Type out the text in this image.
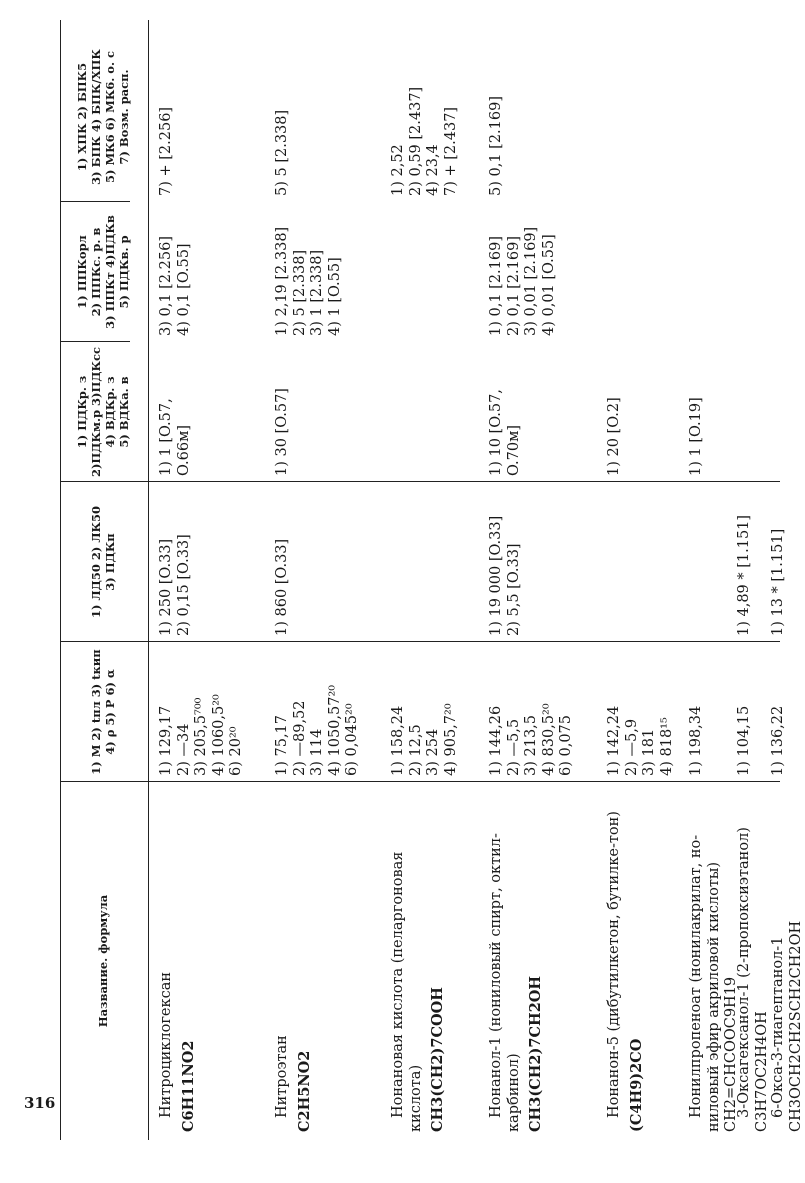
316
Название. формула
1) M 2) tпл 3) tкип 4) ρ 5) P 6) α
1) ЛД50 2) ЛК50 3) ПДКп
1) ПДКр. з 2)ПДКм.р 3)ПДКсс 4) ВДКр. з 5) ВДКа. в
1) ППКорл 2) ППКс. р. в 3) ППКт 4)ПДКв 5) ПДКв. р
1) ХПК 2) БПК5 3) БПК 4) БПК/ХПК 5) МК6 6) МК6. о. с 7) Возм. расп.
Нитроциклогексан C6H11NO2
1) 129,17 2) —34 3) 205,5⁷⁰⁰ 4) 1060,5²⁰ 6) 20²⁰
1) 250 [O.33] 2) 0,15 [O.33]
1) 1 [O.57, O.66м]
3) 0,1 [2.256] 4) 0,1 [O.55]
7) + [2.256]
Нитроэтан C2H5NO2
1) 75,17 2) —89,52 3) 114 4) 1050,57²⁰ 6) 0,045²⁰
1) 860 [O.33]
1) 30 [O.57]
1) 2,19 [2.338] 2) 5 [2.338] 3) 1 [2.338] 4) 1 [O.55]
5) 5 [2.338]
Нонановая кислота (пеларгоновая кислота) CH3(CH2)7COOH
1) 158,24 2) 12,5 3) 254 4) 905,7²⁰
1) 2,52 2) 0,59 [2.437] 4) 23,4 7) + [2.437]
Нонанол-1 (нониловый спирт, октил-карбинол) CH3(CH2)7CH2OH
1) 144,26 2) —5,5 3) 213,5 4) 830,5²⁰ 6) 0,075
1) 19 000 [O.33] 2) 5,5 [O.33]
1) 10 [O.57, O.70м]
1) 0,1 [2.169] 2) 0,1 [2.169] 3) 0,01 [2.169] 4) 0,01 [O.55]
5) 0,1 [2.169]
Нонанон-5 (дибутилкетон, бутилке-тон) (C4H9)2CO
1) 142,24 2) —5,9 3) 181 4) 818¹⁵
1) 20 [O.2]
Нонилпропеноат (нонилакрилат, но-ниловый эфир акриловой кислоты) CH2=CHCOOC9H19
1) 198,34
1) 1 [O.19]
3-Оксагексанол-1 (2-пропоксиэтанол) C3H7OC2H4OH
1) 104,15
1) 4,89 * [1.151]
6-Окса-3-тиагептанол-1 CH3OCH2CH2SCH2CH2OH
1) 136,22
1) 13 * [1.151]
